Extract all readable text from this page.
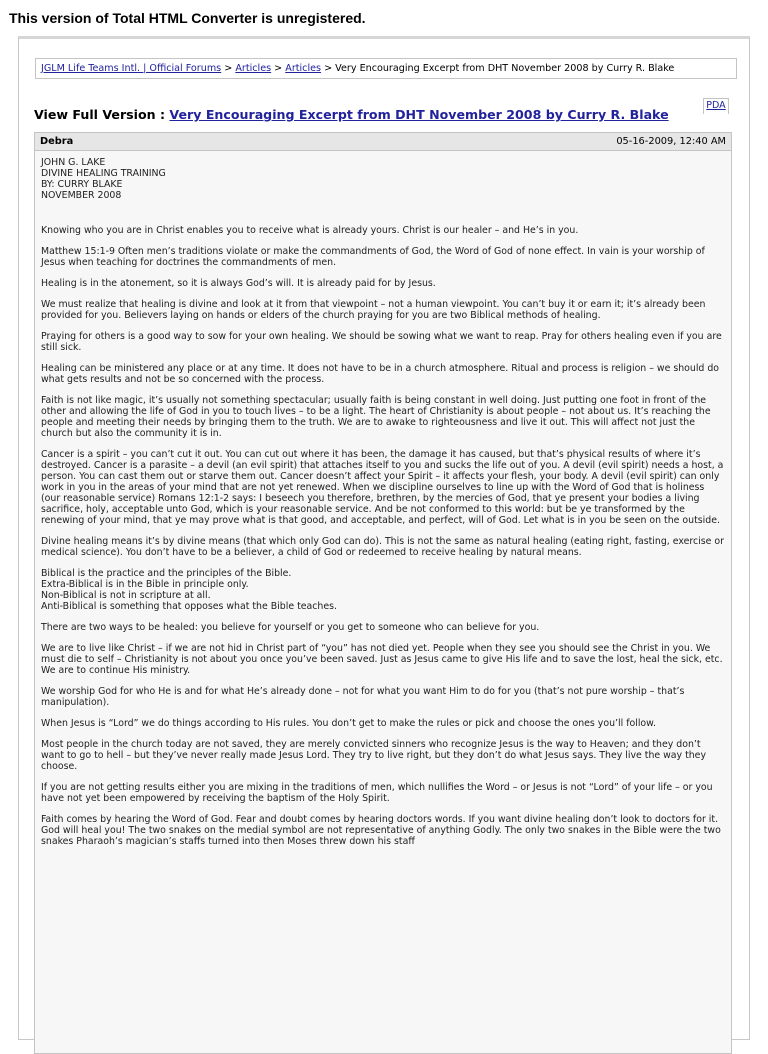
This version of Total HTML Converter is unregistered.
JGLM Life Teams Intl. | Official Forums > Articles > Articles > Very Encouraging Excerpt from DHT November 2008 by Curry R. Blake
PDA
View Full Version : Very Encouraging Excerpt from DHT November 2008 by Curry R. Blake
Debra	05-16-2009, 12:40 AM

JOHN G. LAKE

DIVINE HEALING TRAINING

BY: CURRY BLAKE

NOVEMBER 2008

Knowing who you are in Christ enables you to receive what is already yours. Christ is our healer – and He’s in you.

Matthew 15:1-9 Often men’s traditions violate or make the commandments of God, the Word of God of none effect. In vain is your worship of Jesus when teaching for doctrines the commandments of men.

Healing is in the atonement, so it is always God’s will. It is already paid for by Jesus.

We must realize that healing is divine and look at it from that viewpoint – not a human viewpoint. You can’t buy it or earn it; it’s already been provided for you. Believers laying on hands or elders of the church praying for you are two Biblical methods of healing.

Praying for others is a good way to sow for your own healing. We should be sowing what we want to reap. Pray for others healing even if you are still sick.

Healing can be ministered any place or at any time. It does not have to be in a church atmosphere. Ritual and process is religion – we should do what gets results and not be so concerned with the process.

Faith is not like magic, it’s usually not something spectacular; usually faith is being constant in well doing. Just putting one foot in front of the other and allowing the life of God in you to touch lives – to be a light. The heart of Christianity is about people – not about us. It’s reaching the people and meeting their needs by bringing them to the truth. We are to awake to righteousness and live it out. This will affect not just the church but also the community it is in.

Cancer is a spirit – you can’t cut it out. You can cut out where it has been, the damage it has caused, but that’s physical results of where it’s destroyed. Cancer is a parasite – a devil (an evil spirit) that attaches itself to you and sucks the life out of you. A devil (evil spirit) needs a host, a person. You can cast them out or starve them out. Cancer doesn’t affect your Spirit – it affects your flesh, your body. A devil (evil spirit) can only work in you in the areas of your mind that are not yet renewed. When we discipline ourselves to line up with the Word of God that is holiness (our reasonable service) Romans 12:1-2 says: I beseech you therefore, brethren, by the mercies of God, that ye present your bodies a living sacrifice, holy, acceptable unto God, which is your reasonable service. And be not conformed to this world: but be ye transformed by the renewing of your mind, that ye may prove what is that good, and acceptable, and perfect, will of God. Let what is in you be seen on the outside.

Divine healing means it’s by divine means (that which only God can do). This is not the same as natural healing (eating right, fasting, exercise or medical science). You don’t have to be a believer, a child of God or redeemed to receive healing by natural means.

Biblical is the practice and the principles of the Bible.
Extra-Biblical is in the Bible in principle only.
Non-Biblical is not in scripture at all.
Anti-Biblical is something that opposes what the Bible teaches.

There are two ways to be healed: you believe for yourself or you get to someone who can believe for you.

We are to live like Christ – if we are not hid in Christ part of “you” has not died yet. People when they see you should see the Christ in you. We must die to self – Christianity is not about you once you’ve been saved. Just as Jesus came to give His life and to save the lost, heal the sick, etc. We are to continue His ministry.

We worship God for who He is and for what He’s already done – not for what you want Him to do for you (that’s not pure worship – that’s manipulation).

When Jesus is “Lord” we do things according to His rules. You don’t get to make the rules or pick and choose the ones you’ll follow.

Most people in the church today are not saved, they are merely convicted sinners who recognize Jesus is the way to Heaven; and they don’t want to go to hell – but they’ve never really made Jesus Lord. They try to live right, but they don’t do what Jesus says. They live the way they choose.

If you are not getting results either you are mixing in the traditions of men, which nullifies the Word – or Jesus is not “Lord” of your life – or you have not yet been empowered by receiving the baptism of the Holy Spirit.

Faith comes by hearing the Word of God. Fear and doubt comes by hearing doctors words. If you want divine healing don’t look to doctors for it. God will heal you! The two snakes on the medial symbol are not representative of anything Godly. The only two snakes in the Bible were the two snakes Pharaoh’s magician’s staffs turned into then Moses threw down his staff
